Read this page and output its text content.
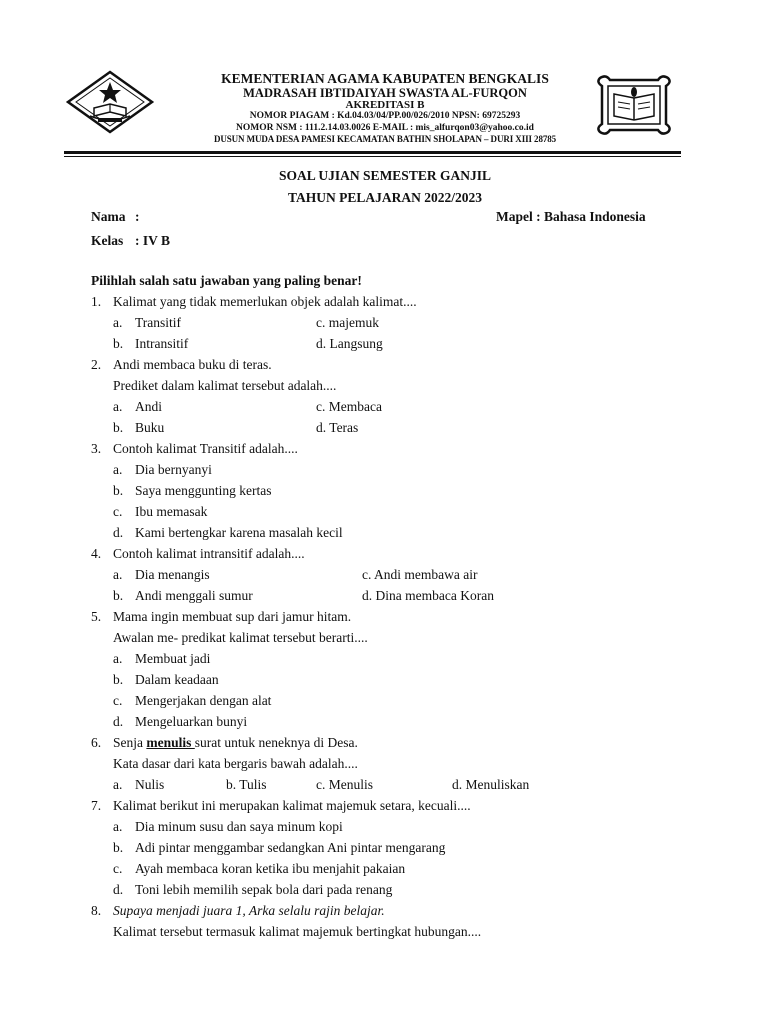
KEMENTERIAN AGAMA KABUPATEN BENGKALIS
MADRASAH IBTIDAIYAH SWASTA AL-FURQON
AKREDITASI B
NOMOR PIAGAM : Kd.04.03/04/PP.00/026/2010 NPSN: 69725293
NOMOR NSM : 111.2.14.03.0026 E-MAIL : mis_alfurqon03@yahoo.co.id
DUSUN MUDA DESA PAMESI KECAMATAN BATHIN SHOLAPAN – DURI XIII 28785
SOAL UJIAN SEMESTER GANJIL
TAHUN PELAJARAN 2022/2023
Nama :	Mapel : Bahasa Indonesia
Kelas : IV B
Pilihlah salah satu jawaban yang paling benar!
1. Kalimat yang tidak memerlukan objek adalah kalimat....
a. Transitif	c. majemuk
b. Intransitif	d. Langsung
2. Andi membaca buku di teras.
Prediket dalam kalimat tersebut adalah....
a. Andi	c. Membaca
b. Buku	d. Teras
3. Contoh kalimat Transitif adalah....
a. Dia bernyanyi
b. Saya menggunting kertas
c. Ibu memasak
d. Kami bertengkar karena masalah kecil
4. Contoh kalimat intransitif adalah....
a. Dia menangis	c. Andi membawa air
b. Andi menggali sumur	d. Dina membaca Koran
5. Mama ingin membuat sup dari jamur hitam.
Awalan me- predikat kalimat tersebut berarti....
a. Membuat jadi
b. Dalam keadaan
c. Mengerjakan dengan alat
d. Mengeluarkan bunyi
6. Senja menulis surat untuk neneknya di Desa.
Kata dasar dari kata bergaris bawah adalah....
a. Nulis	b. Tulis	c. Menulis	d. Menuliskan
7. Kalimat berikut ini merupakan kalimat majemuk setara, kecuali....
a. Dia minum susu dan saya minum kopi
b. Adi pintar menggambar sedangkan Ani pintar mengarang
c. Ayah membaca koran ketika ibu menjahit pakaian
d. Toni lebih memilih sepak bola dari pada renang
8. Supaya menjadi juara 1, Arka selalu rajin belajar.
Kalimat tersebut termasuk kalimat majemuk bertingkat hubungan....
